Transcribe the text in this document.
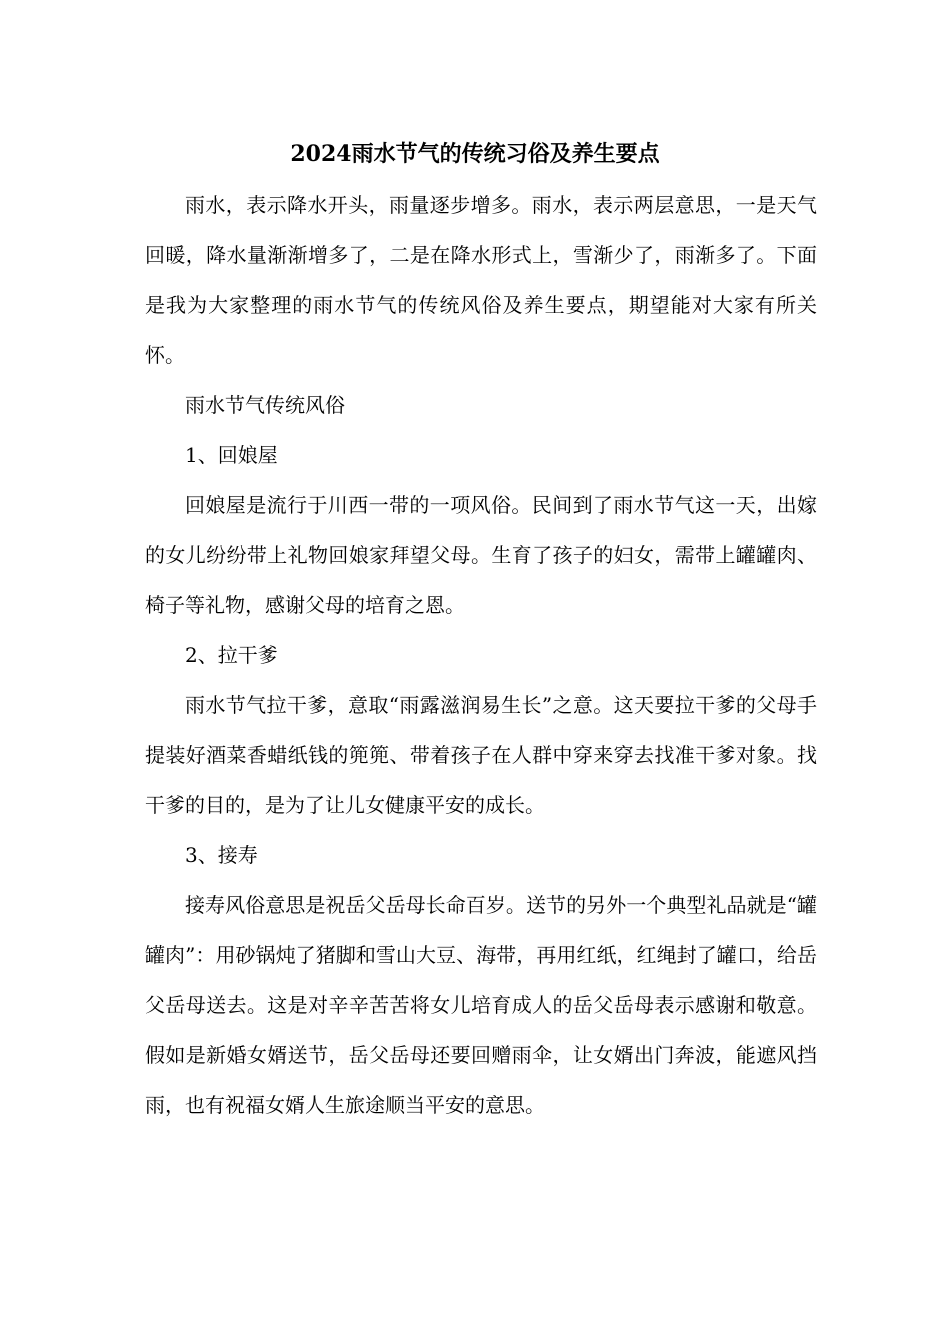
2024雨水节气的传统习俗及养生要点

雨水，表示降水开头，雨量逐步增多。雨水，表示两层意思，一是天气回暖，降水量渐渐增多了，二是在降水形式上，雪渐少了，雨渐多了。下面是我为大家整理的雨水节气的传统风俗及养生要点，期望能对大家有所关怀。

雨水节气传统风俗

1、回娘屋

回娘屋是流行于川西一带的一项风俗。民间到了雨水节气这一天，出嫁的女儿纷纷带上礼物回娘家拜望父母。生育了孩子的妇女，需带上罐罐肉、椅子等礼物，感谢父母的培育之恩。

2、拉干爹

雨水节气拉干爹，意取“雨露滋润易生长”之意。这天要拉干爹的父母手提装好酒菜香蜡纸钱的篼篼、带着孩子在人群中穿来穿去找准干爹对象。找干爹的目的，是为了让儿女健康平安的成长。

3、接寿

接寿风俗意思是祝岳父岳母长命百岁。送节的另外一个典型礼品就是“罐罐肉”：用砂锅炖了猪脚和雪山大豆、海带，再用红纸，红绳封了罐口，给岳父岳母送去。这是对辛辛苦苦将女儿培育成人的岳父岳母表示感谢和敬意。假如是新婚女婿送节，岳父岳母还要回赠雨伞，让女婿出门奔波，能遮风挡雨，也有祝福女婿人生旅途顺当平安的意思。
